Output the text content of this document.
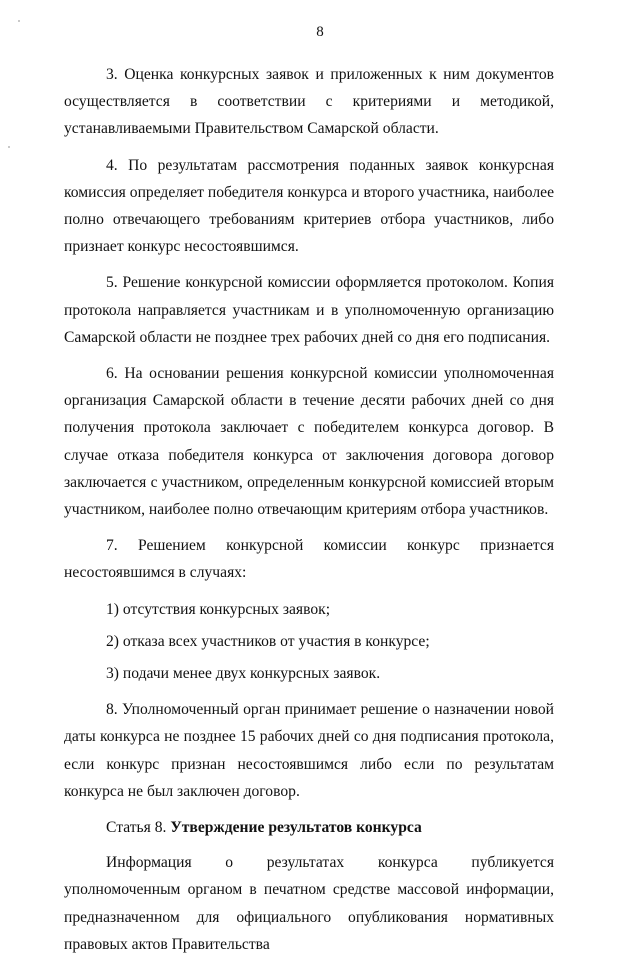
8

3. Оценка конкурсных заявок и приложенных к ним документов осуществляется в соответствии с критериями и методикой, устанавливаемыми Правительством Самарской области.

4. По результатам рассмотрения поданных заявок конкурсная комиссия определяет победителя конкурса и второго участника, наиболее полно отвечающего требованиям критериев отбора участников, либо признает конкурс несостоявшимся.

5. Решение конкурсной комиссии оформляется протоколом. Копия протокола направляется участникам и в уполномоченную организацию Самарской области не позднее трех рабочих дней со дня его подписания.

6. На основании решения конкурсной комиссии уполномоченная организация Самарской области в течение десяти рабочих дней со дня получения протокола заключает с победителем конкурса договор. В случае отказа победителя конкурса от заключения договора договор заключается с участником, определенным конкурсной комиссией вторым участником, наиболее полно отвечающим критериям отбора участников.

7. Решением конкурсной комиссии конкурс признается несостоявшимся в случаях:

1) отсутствия конкурсных заявок;

2) отказа всех участников от участия в конкурсе;

3) подачи менее двух конкурсных заявок.

8. Уполномоченный орган принимает решение о назначении новой даты конкурса не позднее 15 рабочих дней со дня подписания протокола, если конкурс признан несостоявшимся либо если по результатам конкурса не был заключен договор.

Статья 8. Утверждение результатов конкурса

Информация о результатах конкурса публикуется уполномоченным органом в печатном средстве массовой информации, предназначенном для официального опубликования нормативных правовых актов Правительства
